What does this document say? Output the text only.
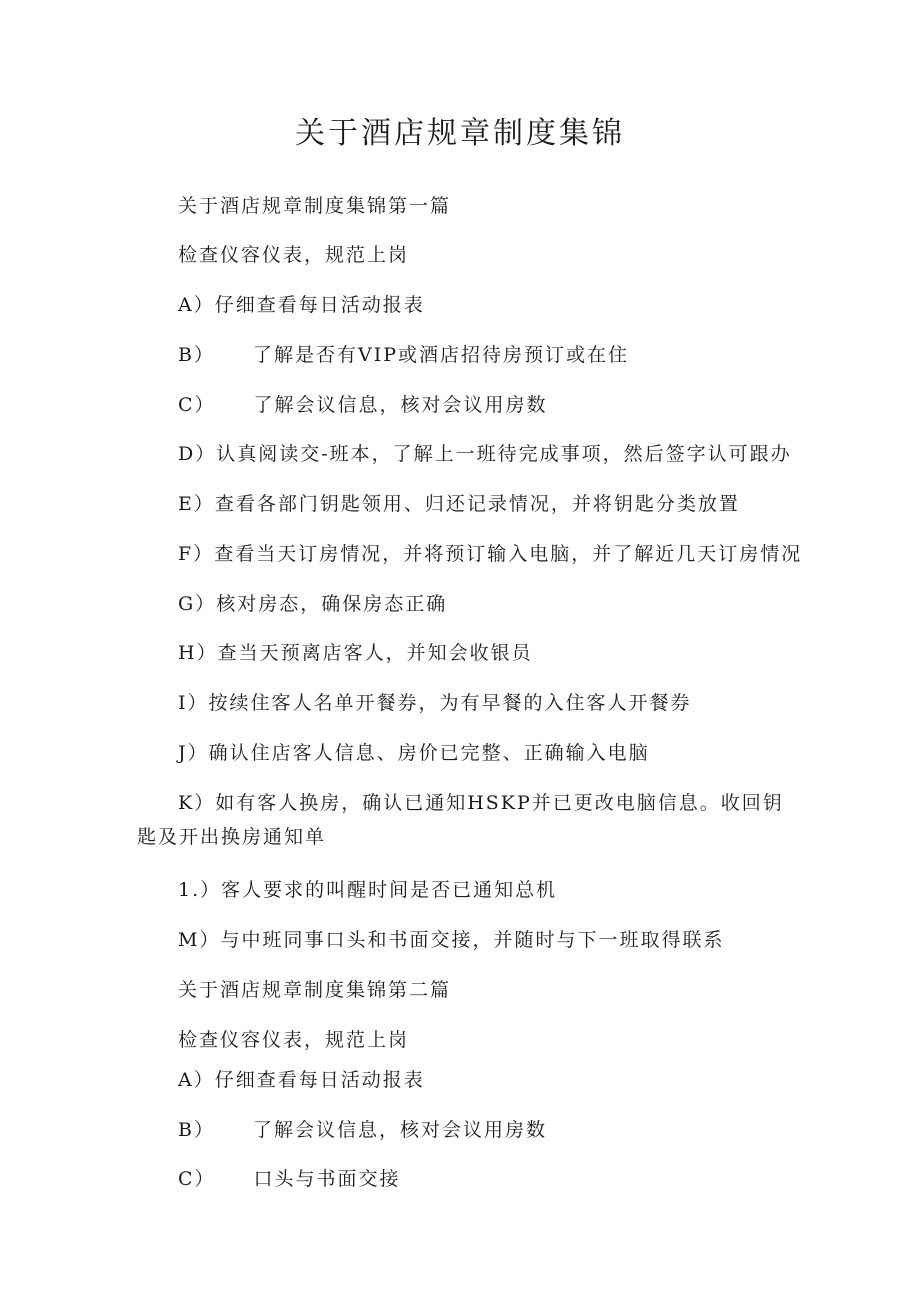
关于酒店规章制度集锦

关于酒店规章制度集锦第一篇

检查仪容仪表，规范上岗

A）仔细查看每日活动报表

B） 了解是否有VIP或酒店招待房预订或在住

C） 了解会议信息，核对会议用房数

D）认真阅读交-班本，了解上一班待完成事项，然后签字认可跟办

E）查看各部门钥匙领用、归还记录情况，并将钥匙分类放置

F）查看当天订房情况，并将预订输入电脑，并了解近几天订房情况

G）核对房态，确保房态正确

H）查当天预离店客人，并知会收银员

I）按续住客人名单开餐券，为有早餐的入住客人开餐券

J）确认住店客人信息、房价已完整、正确输入电脑

K）如有客人换房，确认已通知HSKP并已更改电脑信息。收回钥匙及开出换房通知单

1.）客人要求的叫醒时间是否已通知总机

M）与中班同事口头和书面交接，并随时与下一班取得联系

关于酒店规章制度集锦第二篇

检查仪容仪表，规范上岗

A）仔细查看每日活动报表

B） 了解会议信息，核对会议用房数

C） 口头与书面交接
